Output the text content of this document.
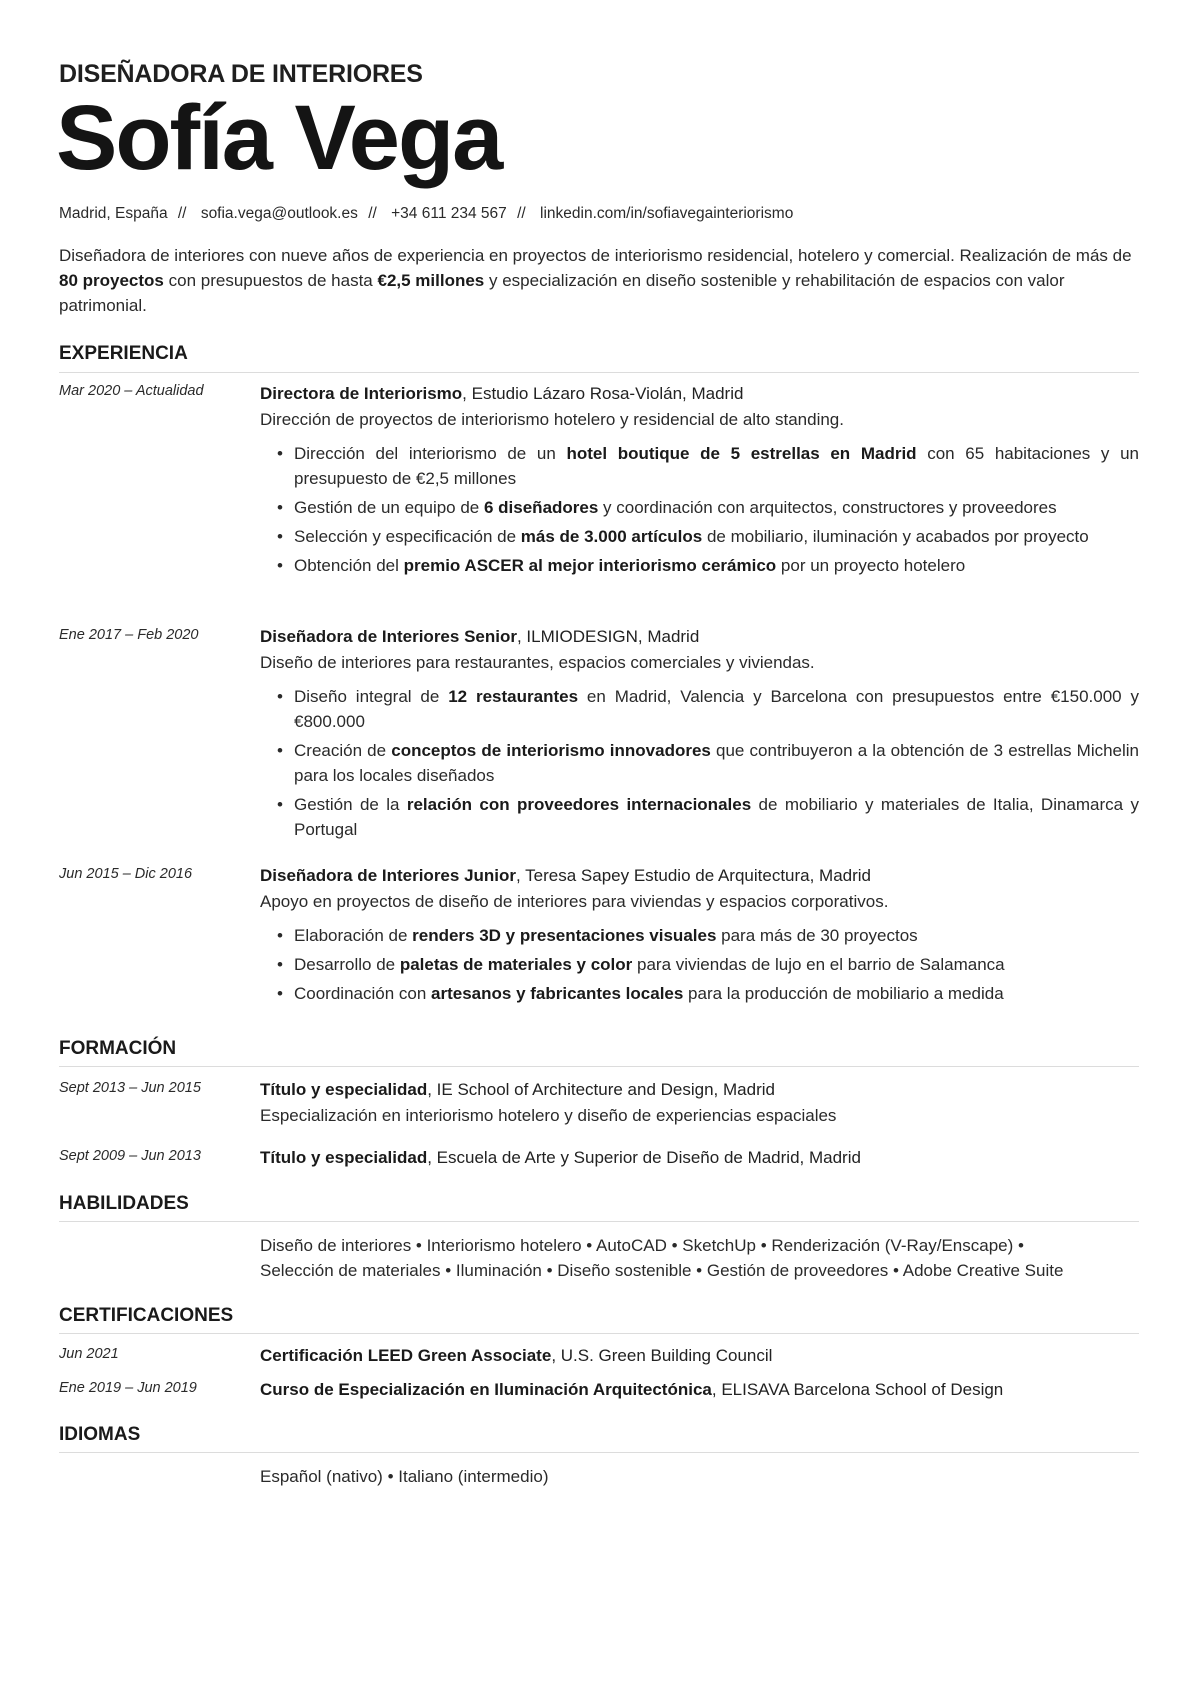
DISEÑADORA DE INTERIORES
Sofía Vega
Madrid, España // sofia.vega@outlook.es // +34 611 234 567 // linkedin.com/in/sofiavegainteriorismo
Diseñadora de interiores con nueve años de experiencia en proyectos de interiorismo residencial, hotelero y comercial. Realización de más de 80 proyectos con presupuestos de hasta €2,5 millones y especialización en diseño sostenible y rehabilitación de espacios con valor patrimonial.
EXPERIENCIA
Mar 2020 – Actualidad	Directora de Interiorismo, Estudio Lázaro Rosa-Violán, Madrid
Dirección de proyectos de interiorismo hotelero y residencial de alto standing.
• Dirección del interiorismo de un hotel boutique de 5 estrellas en Madrid con 65 habitaciones y un presupuesto de €2,5 millones
• Gestión de un equipo de 6 diseñadores y coordinación con arquitectos, constructores y proveedores
• Selección y especificación de más de 3.000 artículos de mobiliario, iluminación y acabados por proyecto
• Obtención del premio ASCER al mejor interiorismo cerámico por un proyecto hotelero
Ene 2017 – Feb 2020	Diseñadora de Interiores Senior, ILMIODESIGN, Madrid
Diseño de interiores para restaurantes, espacios comerciales y viviendas.
• Diseño integral de 12 restaurantes en Madrid, Valencia y Barcelona con presupuestos entre €150.000 y €800.000
• Creación de conceptos de interiorismo innovadores que contribuyeron a la obtención de 3 estrellas Michelin para los locales diseñados
• Gestión de la relación con proveedores internacionales de mobiliario y materiales de Italia, Dinamarca y Portugal
Jun 2015 – Dic 2016	Diseñadora de Interiores Junior, Teresa Sapey Estudio de Arquitectura, Madrid
Apoyo en proyectos de diseño de interiores para viviendas y espacios corporativos.
• Elaboración de renders 3D y presentaciones visuales para más de 30 proyectos
• Desarrollo de paletas de materiales y color para viviendas de lujo en el barrio de Salamanca
• Coordinación con artesanos y fabricantes locales para la producción de mobiliario a medida
FORMACIÓN
Sept 2013 – Jun 2015	Título y especialidad, IE School of Architecture and Design, Madrid
Especialización en interiorismo hotelero y diseño de experiencias espaciales
Sept 2009 – Jun 2013	Título y especialidad, Escuela de Arte y Superior de Diseño de Madrid, Madrid
HABILIDADES
Diseño de interiores • Interiorismo hotelero • AutoCAD • SketchUp • Renderización (V-Ray/Enscape) •
Selección de materiales • Iluminación • Diseño sostenible • Gestión de proveedores • Adobe Creative Suite
CERTIFICACIONES
Jun 2021	Certificación LEED Green Associate, U.S. Green Building Council
Ene 2019 – Jun 2019	Curso de Especialización en Iluminación Arquitectónica, ELISAVA Barcelona School of Design
IDIOMAS
Español (nativo) • Italiano (intermedio)
